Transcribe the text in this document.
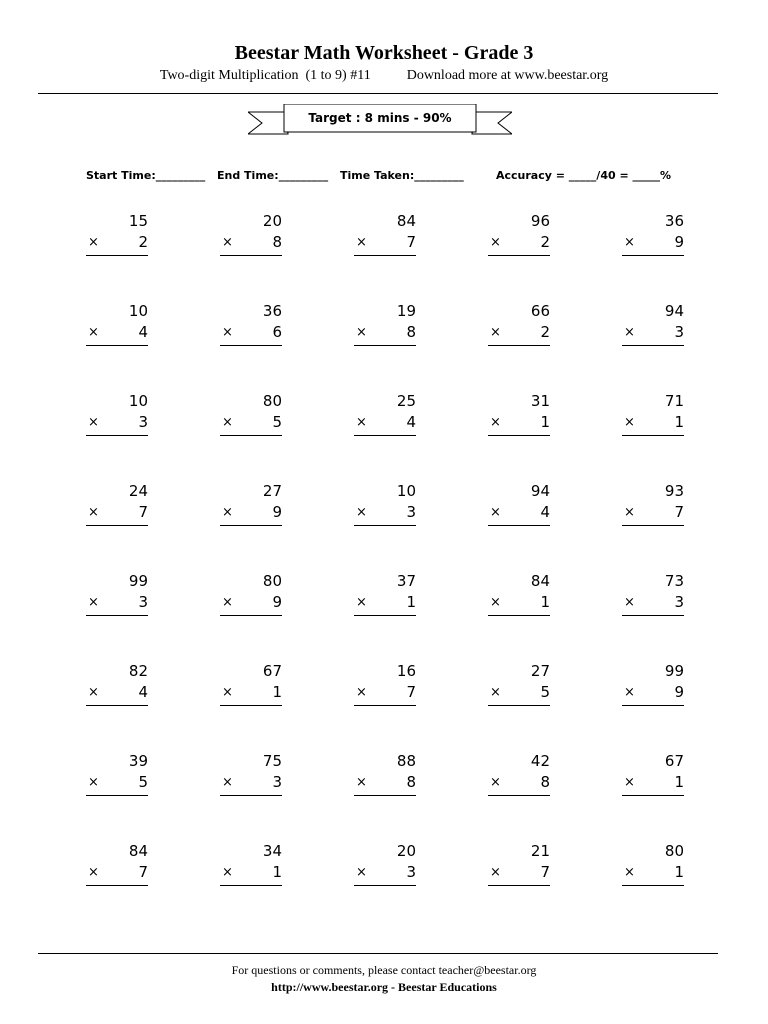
Beestar Math Worksheet - Grade 3
Two-digit Multiplication  (1 to 9) #11	Download more at www.beestar.org
Target : 8 mins - 90%
Start Time:_________ End Time:_________ Time Taken:_________	Accuracy = _____/40 = _____%
15
×	2
20
×	8
84
×	7
96
×	2
36
×	9
10
×	4
36
×	6
19
×	8
66
×	2
94
×	3
10
×	3
80
×	5
25
×	4
31
×	1
71
×	1
24
×	7
27
×	9
10
×	3
94
×	4
93
×	7
99
×	3
80
×	9
37
×	1
84
×	1
73
×	3
82
×	4
67
×	1
16
×	7
27
×	5
99
×	9
39
×	5
75
×	3
88
×	8
42
×	8
67
×	1
84
×	7
34
×	1
20
×	3
21
×	7
80
×	1
For questions or comments, please contact teacher@beestar.org
http://www.beestar.org - Beestar Educations
